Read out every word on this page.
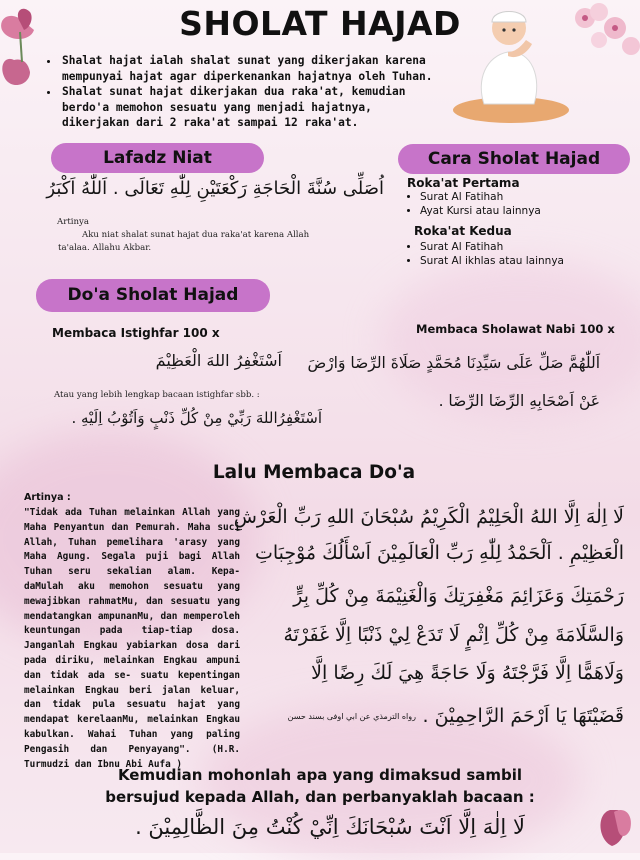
SHOLAT HAJAD
• Shalat hajat ialah shalat sunat yang dikerjakan karena mempunyai hajat agar diperkenankan hajatnya oleh Tuhan.
• Shalat sunat hajat dikerjakan dua raka'at, kemudian berdo'a memohon sesuatu yang menjadi hajatnya, dikerjakan dari 2 raka'at sampai 12 raka'at.
Lafadz Niat
اُصَلِّى سُنَّةَ الْحَاجَةِ رَكْعَتَيْنِ لِلّٰهِ تَعَالَى . اَللّٰهُ اَكْبَرُ
Artinya
Aku niat shalat sunat hajat dua raka'at karena Allah ta'alaa. Allahu Akbar.
Cara Sholat Hajad
Roka'at Pertama
• Surat Al Fatihah
• Ayat Kursi atau lainnya
Roka'at Kedua
• Surat Al Fatihah
• Surat Al ikhlas atau lainnya
Do'a Sholat Hajad
Membaca Istighfar 100 x
اَسْتَغْفِرُ اللهَ الْعَظِيْمَ
Atau yang lebih lengkap bacaan istighfar sbb. :
اَسْتَغْفِرُاللهَ رَبِّيْ مِنْ كُلِّ ذَنْبٍ وَاَتُوْبُ اِلَيْهِ .
Membaca Sholawat Nabi 100 x
اَللّٰهُمَّ صَلِّ عَلَى سَيِّدِنَا مُحَمَّدٍ صَلَاةَ الرِّضَا وَارْضَ
عَنْ اَصْحَابِهِ الرِّضَا الرِّضَا .
Lalu Membaca Do'a
Artinya :
"Tidak ada Tuhan melainkan Allah yang Maha Penyantun dan Pemurah. Maha suci Allah, Tuhan pemelihara 'arasy yang Maha Agung. Segala puji bagi Allah Tuhan seru sekalian alam. Kepa- daMulah aku memohon sesuatu yang mewajibkan rahmatMu, dan sesuatu yang mendatangkan ampunanMu, dan memperoleh keuntungan pada tiap-tiap dosa. Janganlah Engkau yabiarkan dosa dari pada diriku, melainkan Engkau ampuni dan tidak ada se- suatu kepentingan melainkan Engkau beri jalan keluar, dan tidak pula sesuatu hajat yang mendapat kerelaanMu, melainkan Engkau kabulkan. Wahai Tuhan yang paling Pengasih dan Penyayang". (H.R. Turmudzi dan Ibnu Abi Aufa )
لَا اِلٰهَ اِلَّا اللهُ الْحَلِيْمُ الْكَرِيْمُ سُبْحَانَ اللهِ رَبِّ الْعَرْشِ
الْعَظِيْمِ . اَلْحَمْدُ لِلّٰهِ رَبِّ الْعَالَمِيْنَ اَسْأَلُكَ مُوْجِبَاتِ
رَحْمَتِكَ وَعَزَائِمَ مَغْفِرَتِكَ وَالْغَنِيْمَةَ مِنْ كُلِّ بِرٍّ
وَالسَّلَامَةَ مِنْ كُلِّ اِثْمٍ لَا تَدَعْ لِيْ ذَنْبًا اِلَّا غَفَرْتَهُ
وَلَاهَمًّا اِلَّا فَرَّجْتَهُ وَلَا حَاجَةً هِيَ لَكَ رِضًا اِلَّا
قَضَيْتَهَا يَا اَرْحَمَ الرَّاحِمِيْنَ .
رواه الترمذي عن ابي اوفى بسند حسن
Kemudian mohonlah apa yang dimaksud sambil
bersujud kepada Allah, dan perbanyaklah bacaan :
لَا اِلٰهَ اِلَّا اَنْتَ سُبْحَانَكَ اِنِّيْ كُنْتُ مِنَ الظَّالِمِيْنَ .
